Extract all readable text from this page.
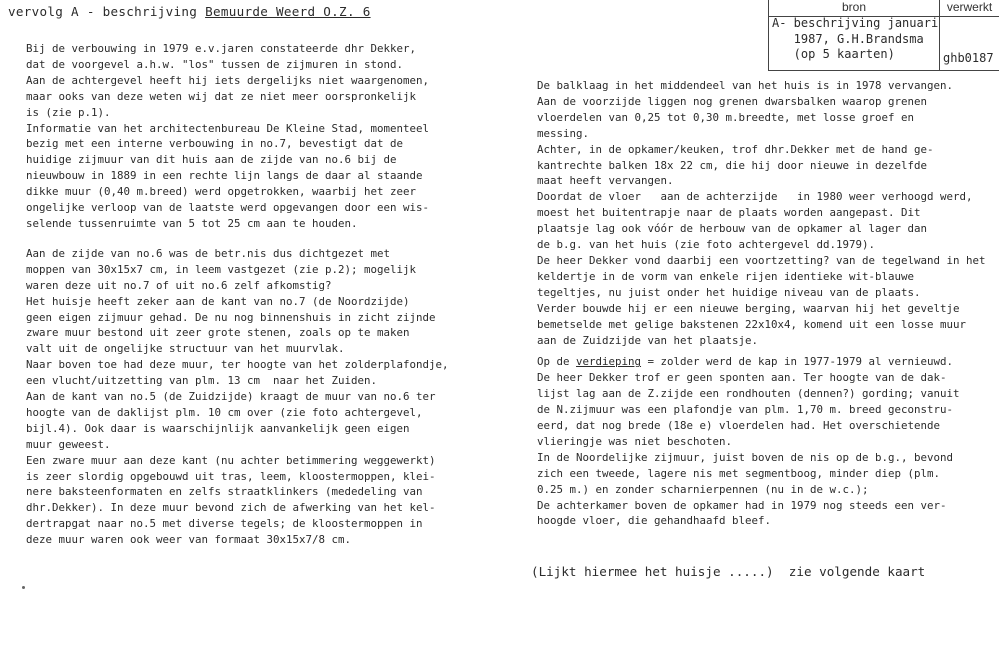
vervolg A - beschrijving Bemuurde Weerd O.Z. 6	bron	verwerkt
A- beschrijving januari
1987, G.H.Brandsma
(op 5 kaarten)	ghb0187

Bij de verbouwing in 1979 e.v.jaren constateerde dhr Dekker,

dat de voorgevel a.h.w. "los" tussen de zijmuren in stond.

Aan de achtergevel heeft hij iets dergelijks niet waargenomen,

maar ooks van deze weten wij dat ze niet meer oorspronkelijk

is (zie p.1).

Informatie van het architectenbureau De Kleine Stad, momenteel

bezig met een interne verbouwing in no.7, bevestigt dat de

huidige zijmuur van dit huis aan de zijde van no.6 bij de

nieuwbouw in 1889 in een rechte lijn langs de daar al staande

dikke muur (0,40 m.breed) werd opgetrokken, waarbij het zeer

ongelijke verloop van de laatste werd opgevangen door een wis-

selende tussenruimte van 5 tot 25 cm aan te houden.

Aan de zijde van no.6 was de betr.nis dus dichtgezet met

moppen van 30x15x7 cm, in leem vastgezet (zie p.2); mogelijk

waren deze uit no.7 of uit no.6 zelf afkomstig?

Het huisje heeft zeker aan de kant van no.7 (de Noordzijde)

geen eigen zijmuur gehad. De nu nog binnenshuis in zicht zijnde

zware muur bestond uit zeer grote stenen, zoals op te maken

valt uit de ongelijke structuur van het muurvlak.

Naar boven toe had deze muur, ter hoogte van het zolderplafondje,

een vlucht/uitzetting van plm. 13 cm  naar het Zuiden.

Aan de kant van no.5 (de Zuidzijde) kraagt de muur van no.6 ter

hoogte van de daklijst plm. 10 cm over (zie foto achtergevel,

bijl.4). Ook daar is waarschijnlijk aanvankelijk geen eigen

muur geweest.

Een zware muur aan deze kant (nu achter betimmering weggewerkt)

is zeer slordig opgebouwd uit tras, leem, kloostermoppen, klei-

nere baksteenformaten en zelfs straatklinkers (mededeling van

dhr.Dekker). In deze muur bevond zich de afwerking van het kel-

dertrapgat naar no.5 met diverse tegels; de kloostermoppen in

deze muur waren ook weer van formaat 30x15x7/8 cm.

De balklaag in het middendeel van het huis is in 1978 vervangen.

Aan de voorzijde liggen nog grenen dwarsbalken waarop grenen

vloerdelen van 0,25 tot 0,30 m.breedte, met losse groef en

messing.

Achter, in de opkamer/keuken, trof dhr.Dekker met de hand ge-

kantrechte balken 18x 22 cm, die hij door nieuwe in dezelfde

maat heeft vervangen.

Doordat de vloer   aan de achterzijde   in 1980 weer verhoogd werd,

moest het buitentrapje naar de plaats worden aangepast. Dit

plaatsje lag ook vóór de herbouw van de opkamer al lager dan

de b.g. van het huis (zie foto achtergevel dd.1979).

De heer Dekker vond daarbij een voortzetting? van de tegelwand in het

keldertje in de vorm van enkele rijen identieke wit-blauwe

tegeltjes, nu juist onder het huidige niveau van de plaats.

Verder bouwde hij er een nieuwe berging, waarvan hij het geveltje

bemetselde met gelige bakstenen 22x10x4, komend uit een losse muur

aan de Zuidzijde van het plaatsje.

Op de verdieping = zolder werd de kap in 1977-1979 al vernieuwd.

De heer Dekker trof er geen sponten aan. Ter hoogte van de dak-

lijst lag aan de Z.zijde een rondhouten (dennen?) gording; vanuit

de N.zijmuur was een plafondje van plm. 1,70 m. breed geconstru-

eerd, dat nog brede (18e e) vloerdelen had. Het overschietende

vlieringje was niet beschoten.

In de Noordelijke zijmuur, juist boven de nis op de b.g., bevond

zich een tweede, lagere nis met segmentboog, minder diep (plm.

0.25 m.) en zonder scharnierpennen (nu in de w.c.);

De achterkamer boven de opkamer had in 1979 nog steeds een ver-

hoogde vloer, die gehandhaafd bleef.

(Lijkt hiermee het huisje .....)  zie volgende kaart
